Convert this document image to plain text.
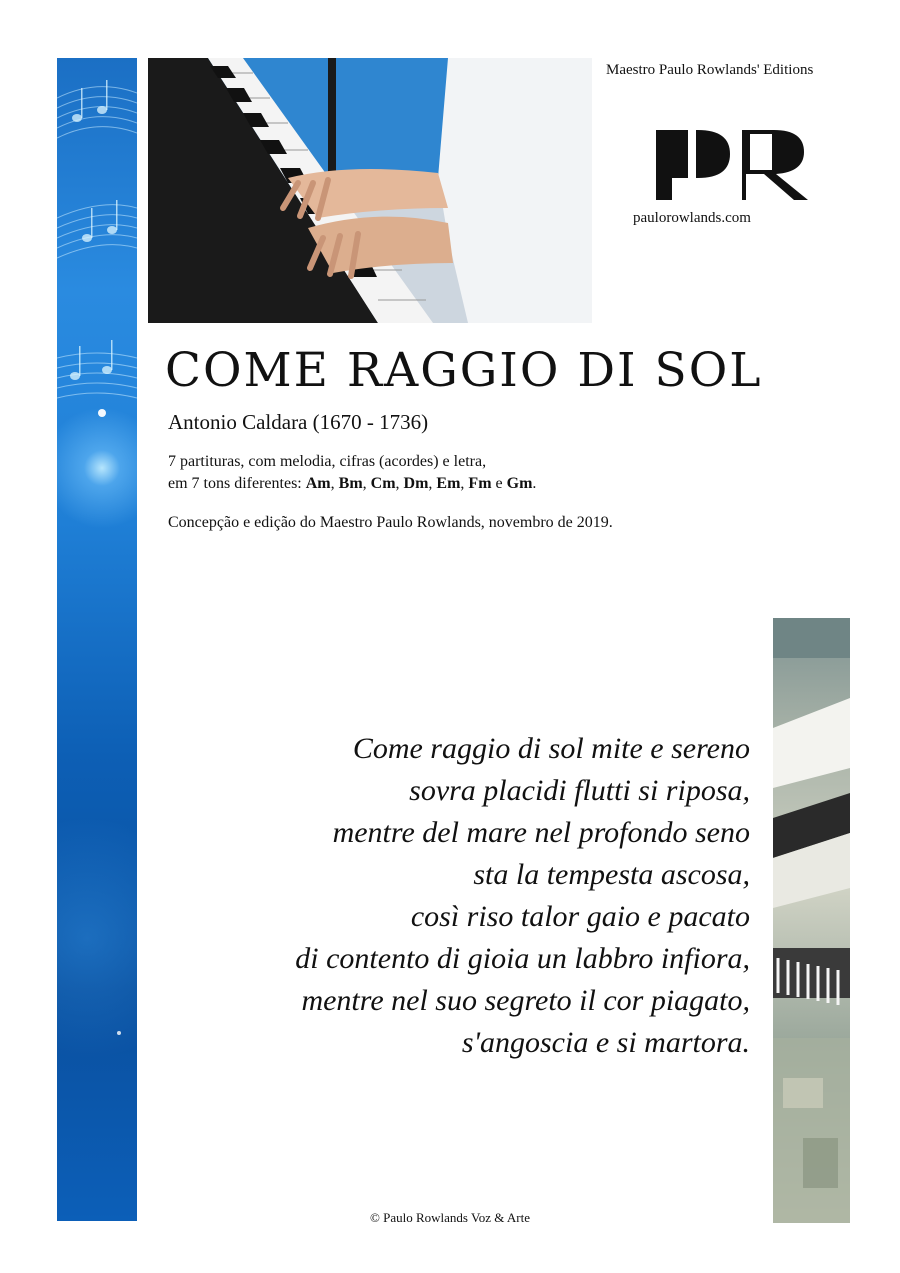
Maestro Paulo Rowlands' Editions
paulorowlands.com
COME RAGGIO DI SOL
Antonio Caldara (1670 - 1736)
7 partituras, com melodia, cifras (acordes) e letra,
em 7 tons diferentes: Am, Bm, Cm, Dm, Em, Fm e Gm.
Concepção e edição do Maestro Paulo Rowlands, novembro de 2019.
Come raggio di sol mite e sereno
sovra placidi flutti si riposa,
mentre del mare nel profondo seno
sta la tempesta ascosa,
così riso talor gaio e pacato
di contento di gioia un labbro infiora,
mentre nel suo segreto il cor piagato,
s'angoscia e si martora.
© Paulo Rowlands Voz & Arte
